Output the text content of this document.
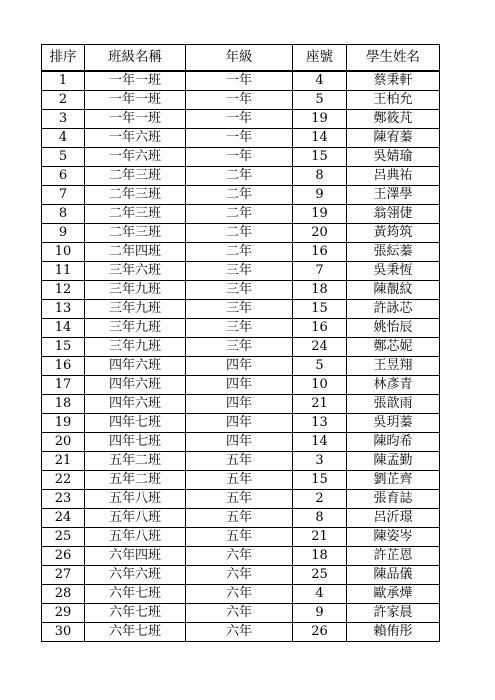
排序	班級名稱	年級	座號	學生姓名
1	一年一班	一年	4	蔡秉軒
2	一年一班	一年	5	王柏允
3	一年一班	一年	19	鄭筱芃
4	一年六班	一年	14	陳宥蓁
5	一年六班	一年	15	吳婧瑜
6	二年三班	二年	8	呂典祐
7	二年三班	二年	9	王澤學
8	二年三班	二年	19	翁翎倢
9	二年三班	二年	20	黃筠筑
10	二年四班	二年	16	張紜蓁
11	三年六班	三年	7	吳秉恆
12	三年九班	三年	18	陳靚紋
13	三年九班	三年	15	許詠芯
14	三年九班	三年	16	姚怡辰
15	三年九班	三年	24	鄭芯妮
16	四年六班	四年	5	王昱翔
17	四年六班	四年	10	林彥青
18	四年六班	四年	21	張歆雨
19	四年七班	四年	13	吳玥蓁
20	四年七班	四年	14	陳昀希
21	五年二班	五年	3	陳孟勤
22	五年二班	五年	15	劉芷齊
23	五年八班	五年	2	張育誌
24	五年八班	五年	8	呂沂璟
25	五年八班	五年	21	陳姿岑
26	六年四班	六年	18	許芷恩
27	六年六班	六年	25	陳品儀
28	六年七班	六年	4	歐承燁
29	六年七班	六年	9	許家晨
30	六年七班	六年	26	賴侑彤
